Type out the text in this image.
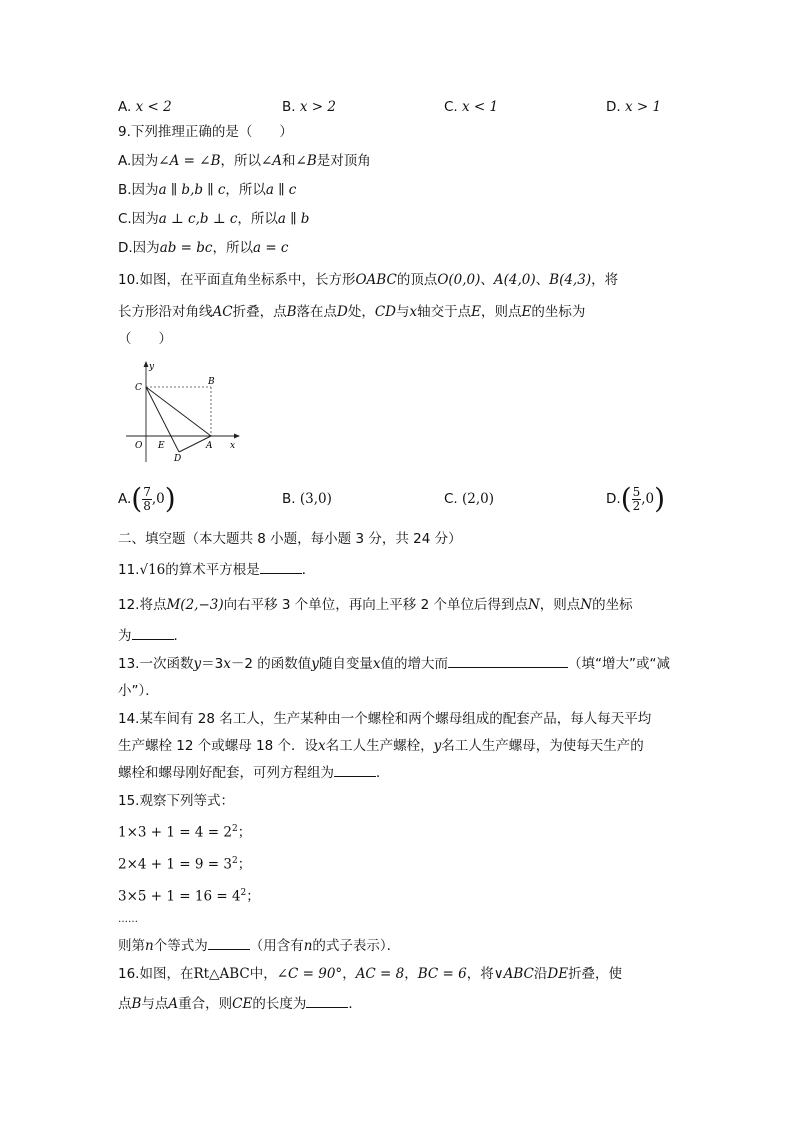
A. x < 2	B. x > 2	C. x < 1	D. x > 1
9.下列推理正确的是（　　）
A.因为∠A = ∠B，所以∠A和∠B是对顶角
B.因为a ∥ b,b ∥ c，所以a ∥ c
C.因为a ⊥ c,b ⊥ c，所以a ∥ b
D.因为ab = bc，所以a = c
10.如图，在平面直角坐标系中，长方形OABC的顶点O(0,0)、A(4,0)、B(4,3)，将
长方形沿对角线AC折叠，点B落在点D处，CD与x轴交于点E，则点E的坐标为
（　　）
y
x
C
B
O E	A
D
$A.( \frac{7}{8} ,0)$	B. (3,0)	C. (2,0)	$D.( \frac{5}{2} ,0)$
二、填空题（本大题共 8 小题，每小题 3 分，共 24 分）
11.√16的算术平方根是	．
12.将点M(2,−3)向右平移 3 个单位，再向上平移 2 个单位后得到点N，则点N的坐标
为	．
13.一次函数y＝3x－2 的函数值y随自变量x值的增大而	（填“增大”或“减
小”）．
14.某车间有 28 名工人，生产某种由一个螺栓和两个螺母组成的配套产品，每人每天平均
生产螺栓 12 个或螺母 18 个．设x名工人生产螺栓，y名工人生产螺母，为使每天生产的
螺栓和螺母刚好配套，可列方程组为	．
15.观察下列等式：
$1\times 3 + 1 = 4 = 2^2$；
$2\times 4 + 1 = 9 = 3^2$；
$3\times 5 + 1 = 16 = 4^2$；
……
则第n个等式为	（用含有n的式子表示）．
16.如图，在Rt△ABC中，∠C = 90°，AC = 8，BC = 6，将∨ABC沿DE折叠，使
点B与点A重合，则CE的长度为	．
